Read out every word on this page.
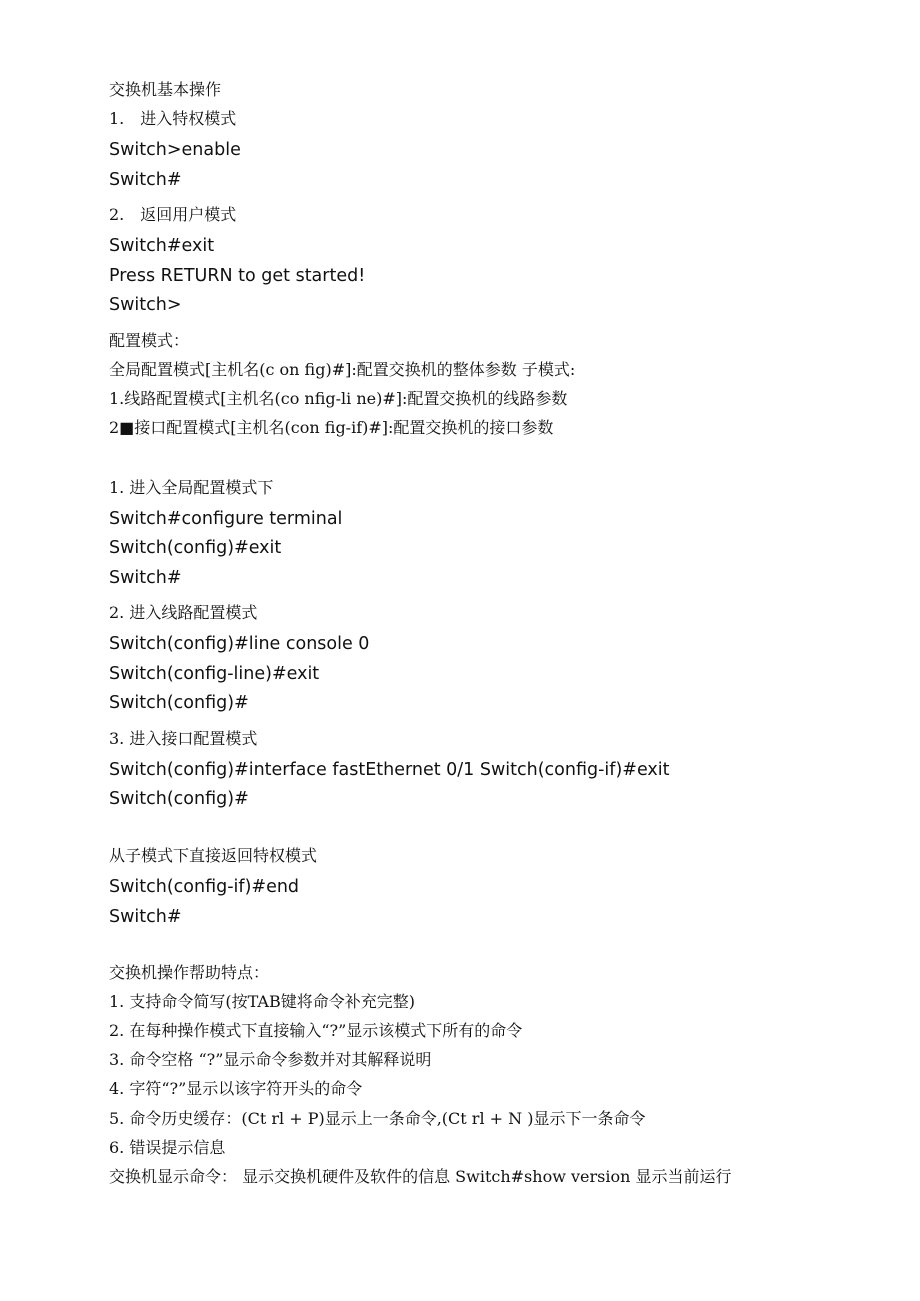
交换机基本操作
1.　进入特权模式
Switch>enable
Switch#
2.　返回用户模式
Switch#exit
Press RETURN to get started!
Switch>
配置模式：
全局配置模式[主机名(c on fig)#]:配置交换机的整体参数 子模式:
1.线路配置模式[主机名(co nfig-li ne)#]:配置交换机的线路参数
2■接口配置模式[主机名(con fig-if)#]:配置交换机的接口参数
1. 进入全局配置模式下
Switch#configure terminal
Switch(config)#exit
Switch#
2. 进入线路配置模式
Switch(config)#line console 0
Switch(config-line)#exit
Switch(config)#
3. 进入接口配置模式
Switch(config)#interface fastEthernet 0/1 Switch(config-if)#exit
Switch(config)#
从子模式下直接返回特权模式
Switch(config-if)#end
Switch#
交换机操作帮助特点：
1. 支持命令简写(按TAB键将命令补充完整)
2. 在每种操作模式下直接输入“?”显示该模式下所有的命令
3. 命令空格 “?”显示命令参数并对其解释说明
4. 字符“?”显示以该字符开头的命令
5. 命令历史缓存：(Ct rl + P)显示上一条命令,(Ct rl + N )显示下一条命令
6. 错误提示信息
交换机显示命令： 显示交换机硬件及软件的信息 Switch#show version 显示当前运行
